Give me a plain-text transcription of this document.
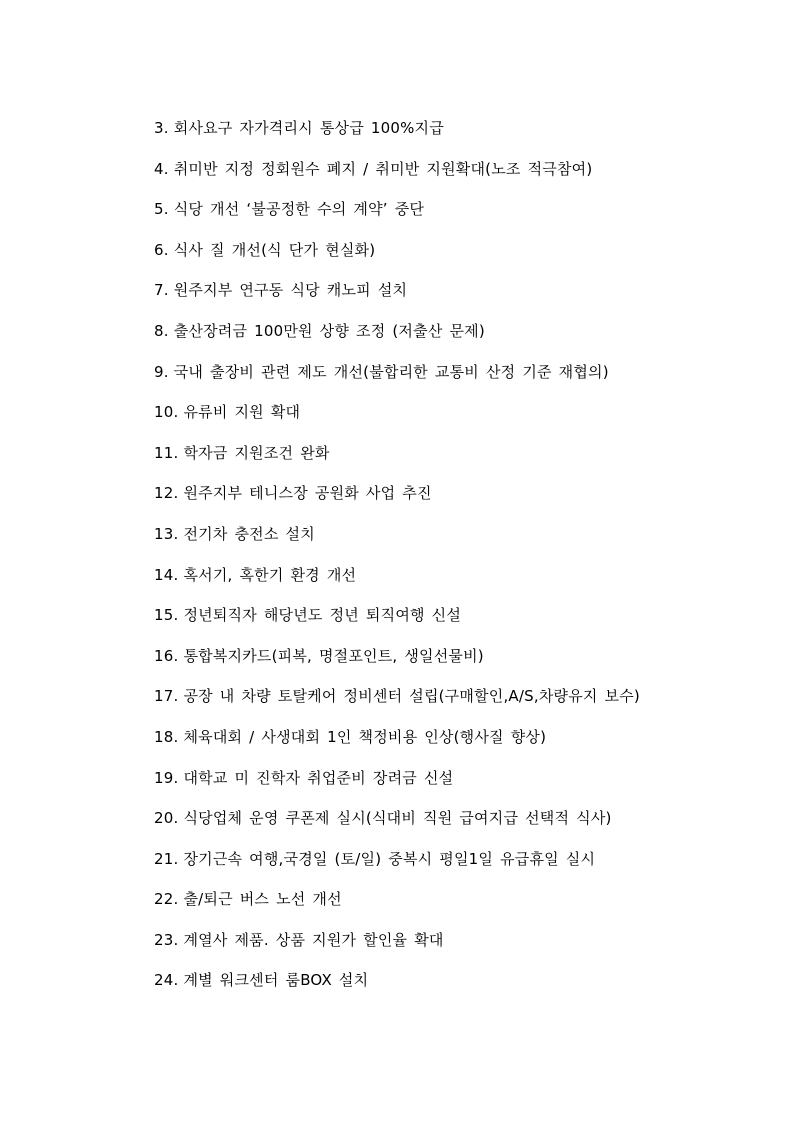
3. 회사요구 자가격리시 통상급 100%지급
4. 취미반 지정 정회원수 폐지 / 취미반 지원확대(노조 적극참여)
5. 식당 개선 ‘불공정한 수의 계약’ 중단
6. 식사 질 개선(식 단가 현실화)
7. 원주지부 연구동 식당 캐노피 설치
8. 출산장려금 100만원 상향 조정 (저출산 문제)
9. 국내 출장비 관련 제도 개선(불합리한 교통비 산정 기준 재협의)
10. 유류비 지원 확대
11. 학자금 지원조건 완화
12. 원주지부 테니스장 공원화 사업 추진
13. 전기차 충전소 설치
14. 혹서기, 혹한기 환경 개선
15. 정년퇴직자 해당년도 정년 퇴직여행 신설
16. 통합복지카드(피복, 명절포인트, 생일선물비)
17. 공장 내 차량 토탈케어 정비센터 설립(구매할인,A/S,차량유지 보수)
18. 체육대회 / 사생대회 1인 책정비용 인상(행사질 향상)
19. 대학교 미 진학자 취업준비 장려금 신설
20. 식당업체 운영 쿠폰제 실시(식대비 직원 급여지급 선택적 식사)
21. 장기근속 여행,국경일 (토/일) 중복시 평일1일 유급휴일 실시
22. 출/퇴근 버스 노선 개선
23. 계열사 제품. 상품 지원가 할인율 확대
24. 계별 워크센터 룸BOX 설치
